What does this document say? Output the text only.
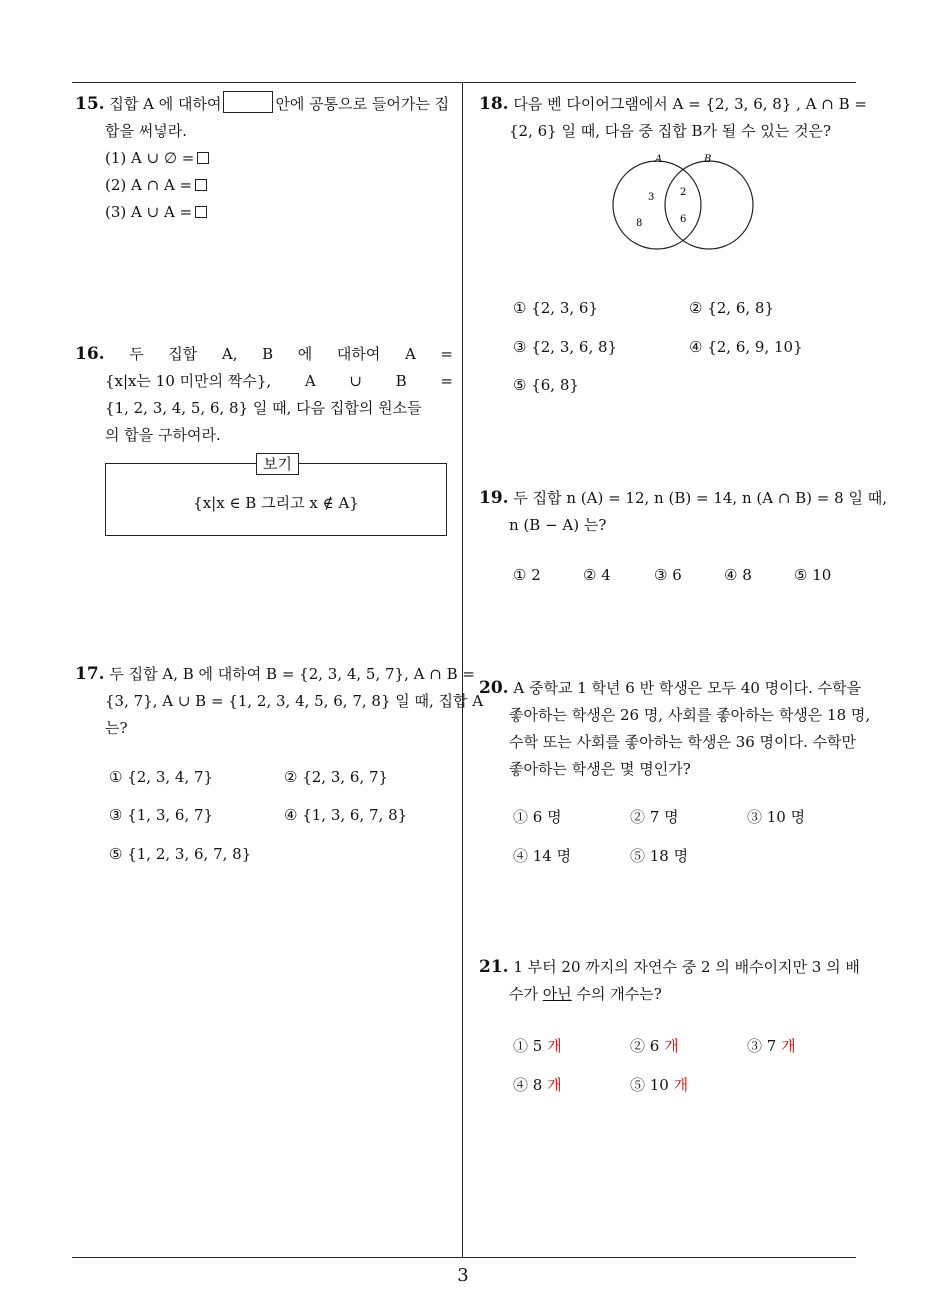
15. 집합 A 에 대하여	안에 공통으로 들어가는 집
합을 써넣라.
(1) A ∪ ∅ =
(2) A ∩ A =
(3) A ∪ A =
16. 두 집합 A, B 에 대하여 A =
{x|x는 10 미만의 짝수}, A ∪ B =
{1, 2, 3, 4, 5, 6, 8} 일 때, 다음 집합의 원소들
의 합을 구하여라.
보기
{x|x ∈ B 그리고 x ∉ A}
17. 두 집합 A, B 에 대하여 B = {2, 3, 4, 5, 7}, A ∩ B =
{3, 7}, A ∪ B = {1, 2, 3, 4, 5, 6, 7, 8} 일 때, 집합 A
는?
① {2, 3, 4, 7}	② {2, 3, 6, 7}
③ {1, 3, 6, 7}	④ {1, 3, 6, 7, 8}
⑤ {1, 2, 3, 6, 7, 8}
18. 다음 벤 다이어그램에서 A = {2, 3, 6, 8} , A ∩ B =
{2, 6} 일 때, 다음 중 집합 B가 될 수 있는 것은?
A	B
3
8
2
6
① {2, 3, 6}	② {2, 6, 8}
③ {2, 3, 6, 8}	④ {2, 6, 9, 10}
⑤ {6, 8}
19. 두 집합 n (A) = 12, n (B) = 14, n (A ∩ B) = 8 일 때,
n (B − A) 는?
① 2	② 4	③ 6	④ 8	⑤ 10
20. A 중학교 1 학년 6 반 학생은 모두 40 명이다. 수학을
좋아하는 학생은 26 명, 사회를 좋아하는 학생은 18 명,
수학 또는 사회를 좋아하는 학생은 36 명이다. 수학만
좋아하는 학생은 몇 명인가?
① 6 명	② 7 명	③ 10 명
④ 14 명	⑤ 18 명
21. 1 부터 20 까지의 자연수 중 2 의 배수이지만 3 의 배
수가 아닌 수의 개수는?
① 5 개	② 6 개	③ 7 개
④ 8 개	⑤ 10 개
3
